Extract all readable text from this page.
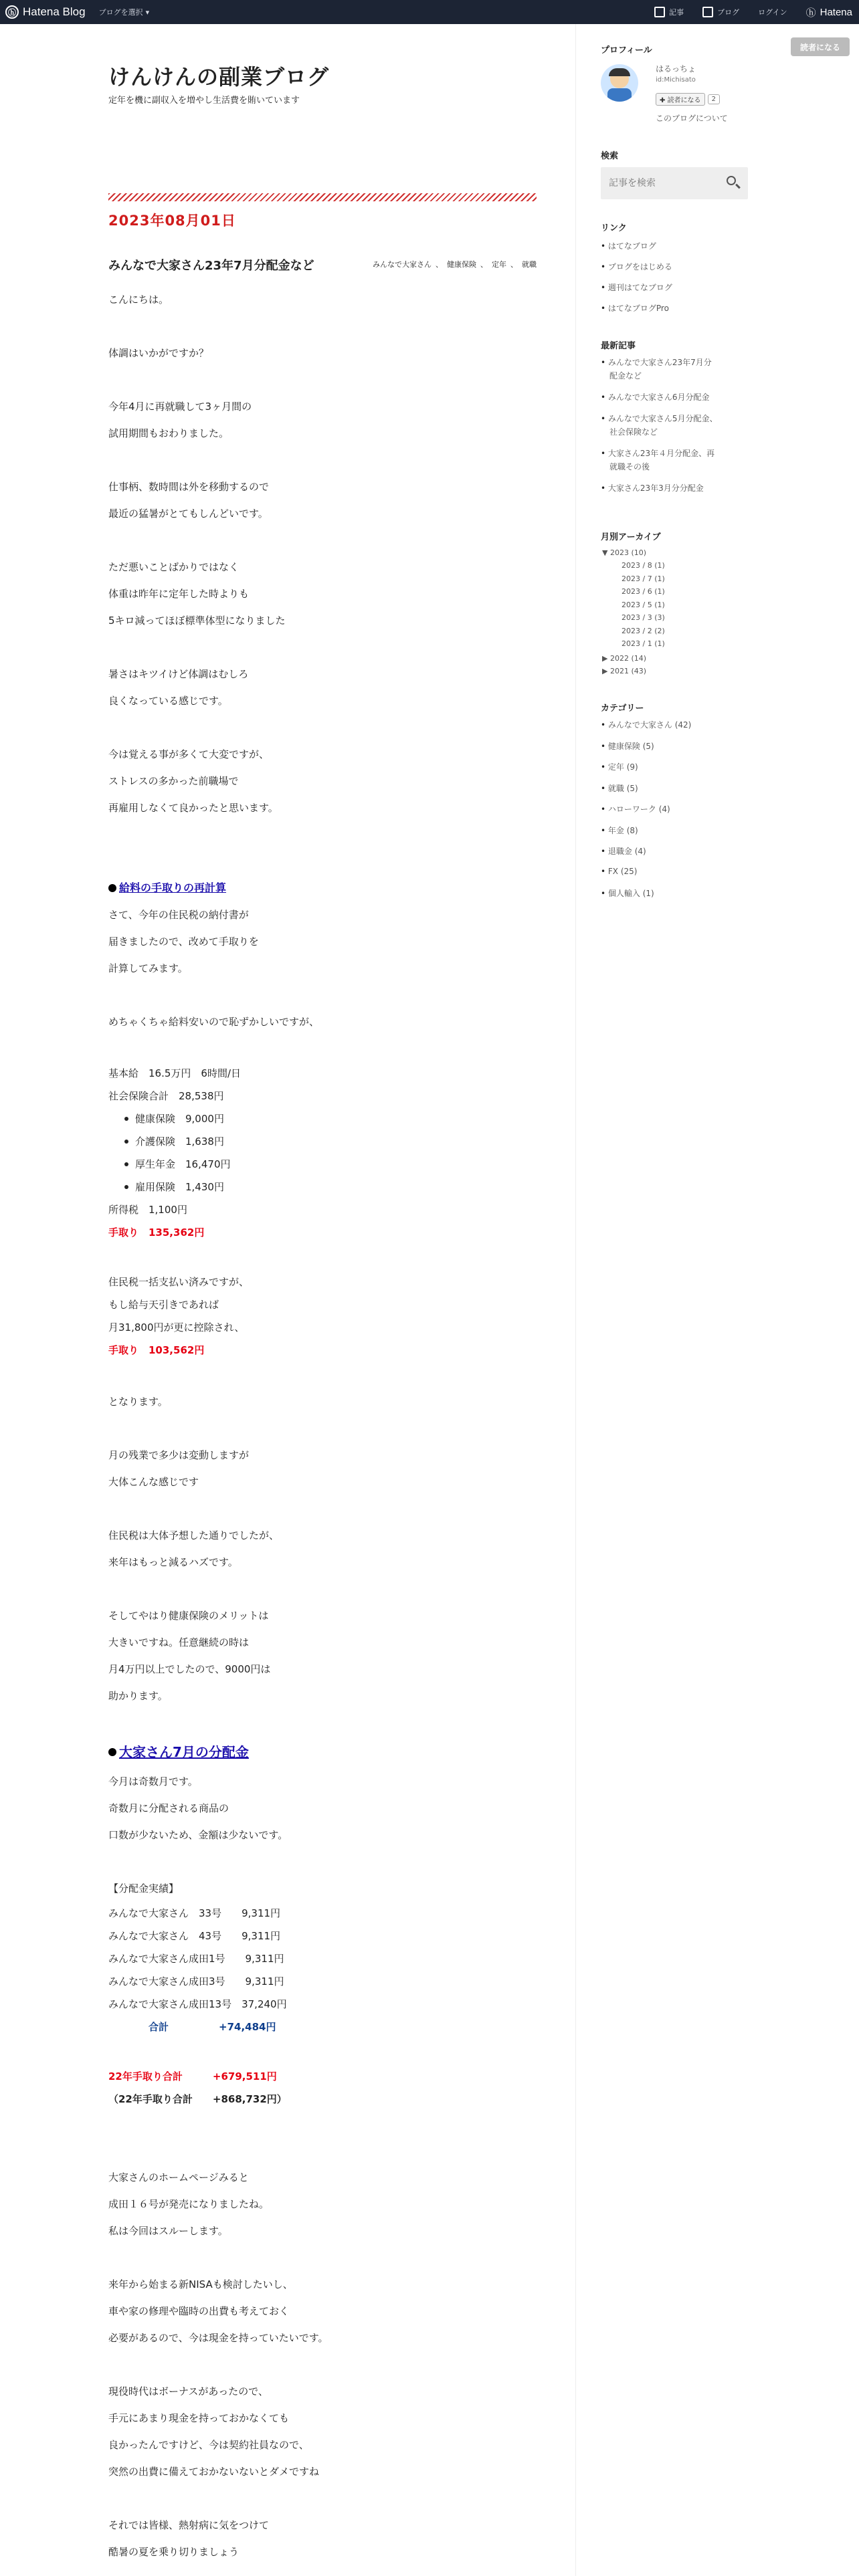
ⓗ Hatena Blog ブログを選択 ▾	記事	ブログ	ログイン ⓗ Hatena
けんけんの副業ブログ
定年を機に副収入を増やし生活費を賄いています
2023年08月01日
みんなで大家さん23年7月分配金など	みんなで大家さん 、 健康保険 、 定年 、 就職
こんにちは。
体調はいかがですか？
今年4月に再就職して3ヶ月間の
試用期間もおわりました。
仕事柄、数時間は外を移動するので
最近の猛暑がとてもしんどいです。
ただ悪いことばかりではなく
体重は昨年に定年した時よりも
5キロ減ってほぼ標準体型になりました
暑さはキツイけど体調はむしろ
良くなっている感じです。
今は覚える事が多くて大変ですが、
ストレスの多かった前職場で
再雇用しなくて良かったと思います。
給料の手取りの再計算
さて、今年の住民税の納付書が
届きましたので、改めて手取りを
計算してみます。
めちゃくちゃ給料安いので恥ずかしいですが、
基本給　16.5万円　6時間/日
社会保険合計　28,538円
健康保険　9,000円
介護保険　1,638円
厚生年金　16,470円
雇用保険　1,430円
所得税　1,100円
手取り　135,362円
住民税一括支払い済みですが、
もし給与天引きであれば
月31,800円が更に控除され、
手取り　103,562円
となります。
月の残業で多少は変動しますが
大体こんな感じです
住民税は大体予想した通りでしたが、
来年はもっと減るハズです。
そしてやはり健康保険のメリットは
大きいですね。任意継続の時は
月4万円以上でしたので、9000円は
助かります。
大家さん7月の分配金
今月は奇数月です。
奇数月に分配される商品の
口数が少ないため、金額は少ないです。
【分配金実績】
みんなで大家さん　33号　　9,311円
みんなで大家さん　43号　　9,311円
みんなで大家さん成田1号　　9,311円
みんなで大家さん成田3号　　9,311円
みんなで大家さん成田13号　37,240円
　　　　合計　　　　　+74,484円
22年手取り合計　　　+679,511円
（22年手取り合計　　+868,732円）
大家さんのホームページみると
成田１６号が発売になりましたね。
私は今回はスルーします。
来年から始まる新NISAも検討したいし、
車や家の修理や臨時の出費も考えておく
必要があるので、今は現金を持っていたいです。
現役時代はボーナスがあったので、
手元にあまり現金を持っておかなくても
良かったんですけど、今は契約社員なので、
突然の出費に備えておかないないとダメですね
それでは皆様、熱射病に気をつけて
酷暑の夏を乗り切りましょう
読者になる
プロフィール
はるっちょ
id:Michisato
✚ 読者になる	2
このブログについて
検索
記事を検索
リンク
• はてなブログ
• ブログをはじめる
• 週刊はてなブログ
• はてなブログPro
最新記事
• みんなで大家さん23年7月分
配金など
• みんなで大家さん6月分配金
• みんなで大家さん5月分配金、
社会保険など
• 大家さん23年４月分配金、再
就職その後
• 大家さん23年3月分分配金
月別アーカイブ
▼ 2023 (10)
2023 / 8 (1)
2023 / 7 (1)
2023 / 6 (1)
2023 / 5 (1)
2023 / 3 (3)
2023 / 2 (2)
2023 / 1 (1)
▶ 2022 (14)
▶ 2021 (43)
カテゴリー
• みんなで大家さん (42)
• 健康保険 (5)
• 定年 (9)
• 就職 (5)
• ハローワーク (4)
• 年金 (8)
• 退職金 (4)
• FX (25)
• 個人輸入 (1)
